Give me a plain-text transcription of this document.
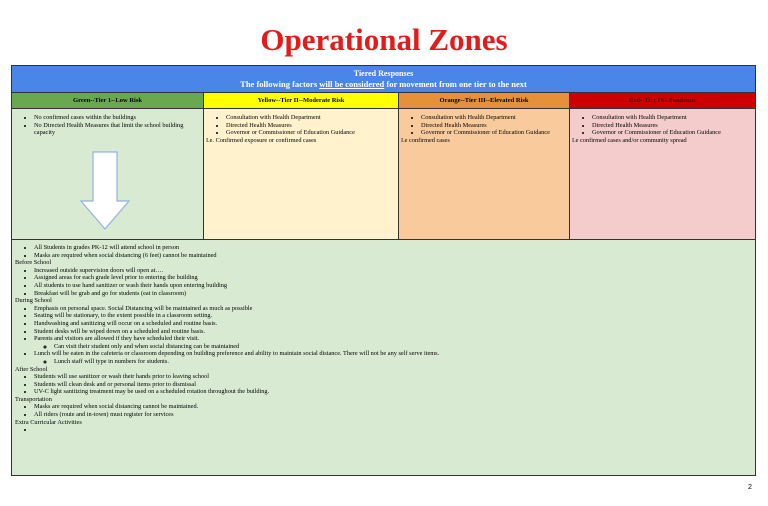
Operational Zones
Tiered Responses
The following factors will be considered for movement from one tier to the next
Green--Tier 1--Low Risk	Yellow--Tier II--Moderate Risk	Orange--Tier III--Elevated Risk	Red--Tier IV--Pandemic
• No confirmed cases within the buildings
• No Directed Health Measures that limit the school building capacity
• Consultation with Health Department
• Directed Health Measures
• Governor or Commissioner of Education Guidance
I.e. Confirmed exposure or confirmed cases
• Consultation with Health Department
• Directed Health Measures
• Governor or Commissioner of Education Guidance
I.e confirmed cases
• Consultation with Health Department
• Directed Health Measures
• Governor or Commissioner of Education Guidance
I.e confirmed cases and/or community spread
• All Students in grades PK-12 will attend school in person
• Masks are required when social distancing (6 feet) cannot be maintained
Before School
• Increased outside supervision doors will open at….
• Assigned areas for each grade level prior to entering the building
• All students to use hand sanitizer or wash their hands upon entering building
• Breakfast will be grab and go for students (eat in classroom)
During School
• Emphasis on personal space. Social Distancing will be maintained as much as possible
• Seating will be stationary, to the extent possible in a classroom setting.
• Handwashing and sanitizing will occur on a scheduled and routine basis.
• Student desks will be wiped down on a scheduled and routine basis.
• Parents and visitors are allowed if they have scheduled their visit.
◦ Can visit their student only and when social distancing can be maintained
• Lunch will be eaten in the cafeteria or classroom depending on building preference and ability to maintain social distance. There will not be any self serve items.
◦ Lunch staff will type in numbers for students.
After School
• Students will use sanitizer or wash their hands prior to leaving school
• Students will clean desk and or personal items prior to dismissal
• UV-C light sanitizing treatment may be used on a scheduled rotation throughout the building.
Transportation
• Masks are required when social distancing cannot be maintained.
• All riders (route and in-town) must register for services
Extra Curricular Activities
•
2
